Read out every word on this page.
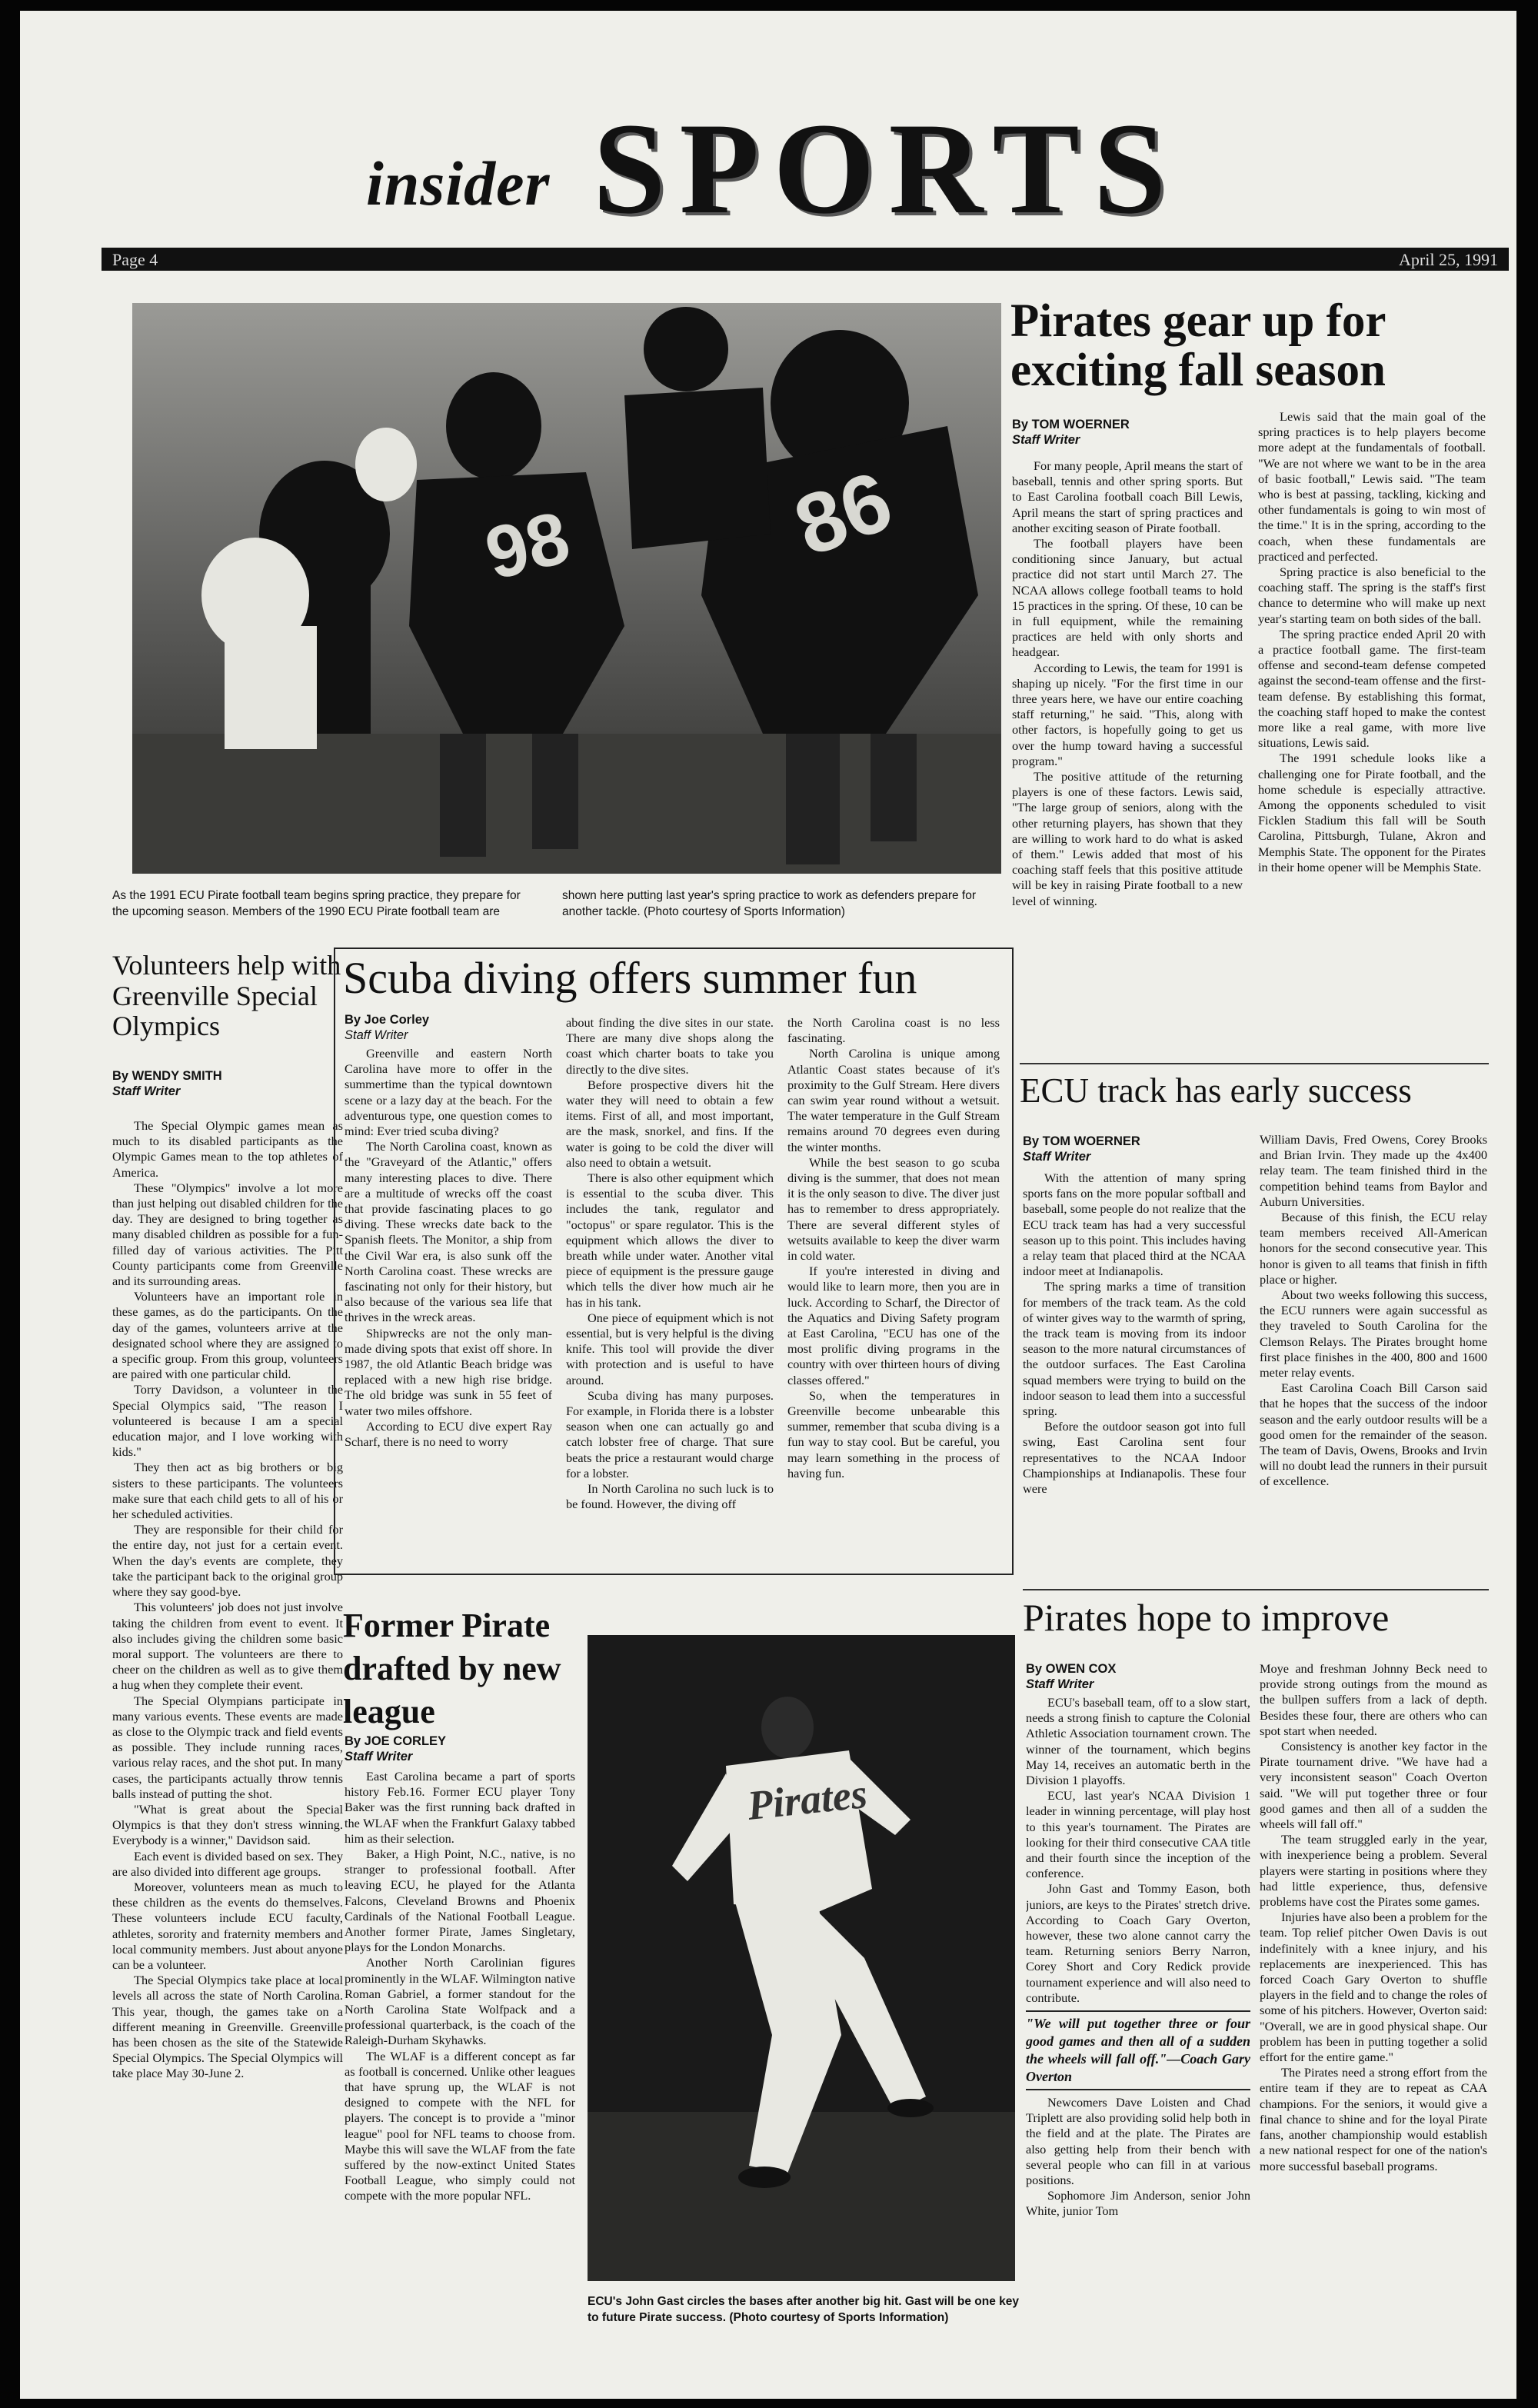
insider SPORTS
Page 4	April 25, 1991
98 86
As the 1991 ECU Pirate football team begins spring practice, they prepare for the upcoming season. Members of the 1990 ECU Pirate football team are
shown here putting last year's spring practice to work as defenders prepare for another tackle. (Photo courtesy of Sports Information)
Pirates gear up for exciting fall season
By TOM WOERNER
Staff Writer

For many people, April means the start of baseball, tennis and other spring sports. But to East Carolina football coach Bill Lewis, April means the start of spring practices and another exciting season of Pirate football.

The football players have been conditioning since January, but actual practice did not start until March 27. The NCAA allows college football teams to hold 15 practices in the spring. Of these, 10 can be in full equipment, while the remaining practices are held with only shorts and headgear.

According to Lewis, the team for 1991 is shaping up nicely. "For the first time in our three years here, we have our entire coaching staff returning," he said. "This, along with other factors, is hopefully going to get us over the hump toward having a successful program."

The positive attitude of the returning players is one of these factors. Lewis said, "The large group of seniors, along with the other returning players, has shown that they are willing to work hard to do what is asked of them." Lewis added that most of his coaching staff feels that this positive attitude will be key in raising Pirate football to a new level of winning.

Lewis said that the main goal of the spring practices is to help players become more adept at the fundamentals of football. "We are not where we want to be in the area of basic football," Lewis said. "The team who is best at passing, tackling, kicking and other fundamentals is going to win most of the time." It is in the spring, according to the coach, when these fundamentals are practiced and perfected.

Spring practice is also beneficial to the coaching staff. The spring is the staff's first chance to determine who will make up next year's starting team on both sides of the ball.

The spring practice ended April 20 with a practice football game. The first-team offense and second-team defense competed against the second-team offense and the first-team defense. By establishing this format, the coaching staff hoped to make the contest more like a real game, with more live situations, Lewis said.

The 1991 schedule looks like a challenging one for Pirate football, and the home schedule is especially attractive. Among the opponents scheduled to visit Ficklen Stadium this fall will be South Carolina, Pittsburgh, Tulane, Akron and Memphis State. The opponent for the Pirates in their home opener will be Memphis State.

Volunteers help with Greenville Special Olympics
By WENDY SMITH
Staff Writer

The Special Olympic games mean as much to its disabled participants as the Olympic Games mean to the top athletes of America.

These "Olympics" involve a lot more than just helping out disabled children for the day. They are designed to bring together as many disabled children as possible for a fun-filled day of various activities. The Pitt County participants come from Greenville and its surrounding areas.

Volunteers have an important role in these games, as do the participants. On the day of the games, volunteers arrive at the designated school where they are assigned to a specific group. From this group, volunteers are paired with one particular child.

Torry Davidson, a volunteer in the Special Olympics said, "The reason I volunteered is because I am a special education major, and I love working with kids."

They then act as big brothers or big sisters to these participants. The volunteers make sure that each child gets to all of his or her scheduled activities.

They are responsible for their child for the entire day, not just for a certain event. When the day's events are complete, they take the participant back to the original group where they say good-bye.

This volunteers' job does not just involve taking the children from event to event. It also includes giving the children some basic moral support. The volunteers are there to cheer on the children as well as to give them a hug when they complete their event.

The Special Olympians participate in many various events. These events are made as close to the Olympic track and field events as possible. They include running races, various relay races, and the shot put. In many cases, the participants actually throw tennis balls instead of putting the shot.

"What is great about the Special Olympics is that they don't stress winning. Everybody is a winner," Davidson said.

Each event is divided based on sex. They are also divided into different age groups.

Moreover, volunteers mean as much to these children as the events do themselves. These volunteers include ECU faculty, athletes, sorority and fraternity members and local community members. Just about anyone can be a volunteer.

The Special Olympics take place at local levels all across the state of North Carolina. This year, though, the games take on a different meaning in Greenville. Greenville has been chosen as the site of the Statewide Special Olympics. The Special Olympics will take place May 30-June 2.

Scuba diving offers summer fun
By Joe Corley
Staff Writer

Greenville and eastern North Carolina have more to offer in the summertime than the typical downtown scene or a lazy day at the beach. For the adventurous type, one question comes to mind: Ever tried scuba diving?

The North Carolina coast, known as the "Graveyard of the Atlantic," offers many interesting places to dive. There are a multitude of wrecks off the coast that provide fascinating places to go diving. These wrecks date back to the Spanish fleets. The Monitor, a ship from the Civil War era, is also sunk off the North Carolina coast. These wrecks are fascinating not only for their history, but also because of the various sea life that thrives in the wreck areas.

Shipwrecks are not the only man-made diving spots that exist off shore. In 1987, the old Atlantic Beach bridge was replaced with a new high rise bridge. The old bridge was sunk in 55 feet of water two miles offshore.

According to ECU dive expert Ray Scharf, there is no need to worry

about finding the dive sites in our state. There are many dive shops along the coast which charter boats to take you directly to the dive sites.

Before prospective divers hit the water they will need to obtain a few items. First of all, and most important, are the mask, snorkel, and fins. If the water is going to be cold the diver will also need to obtain a wetsuit.

There is also other equipment which is essential to the scuba diver. This includes the tank, regulator and "octopus" or spare regulator. This is the equipment which allows the diver to breath while under water. Another vital piece of equipment is the pressure gauge which tells the diver how much air he has in his tank.

One piece of equipment which is not essential, but is very helpful is the diving knife. This tool will provide the diver with protection and is useful to have around.

Scuba diving has many purposes. For example, in Florida there is a lobster season when one can actually go and catch lobster free of charge. That sure beats the price a restaurant would charge for a lobster.

In North Carolina no such luck is to be found. However, the diving off

the North Carolina coast is no less fascinating.

North Carolina is unique among Atlantic Coast states because of it's proximity to the Gulf Stream. Here divers can swim year round without a wetsuit. The water temperature in the Gulf Stream remains around 70 degrees even during the winter months.

While the best season to go scuba diving is the summer, that does not mean it is the only season to dive. The diver just has to remember to dress appropriately. There are several different styles of wetsuits available to keep the diver warm in cold water.

If you're interested in diving and would like to learn more, then you are in luck. According to Scharf, the Director of the Aquatics and Diving Safety program at East Carolina, "ECU has one of the most prolific diving programs in the country with over thirteen hours of diving classes offered."

So, when the temperatures in Greenville become unbearable this summer, remember that scuba diving is a fun way to stay cool. But be careful, you may learn something in the process of having fun.

ECU track has early success
By TOM WOERNER
Staff Writer

With the attention of many spring sports fans on the more popular softball and baseball, some people do not realize that the ECU track team has had a very successful season up to this point. This includes having a relay team that placed third at the NCAA indoor meet at Indianapolis.

The spring marks a time of transition for members of the track team. As the cold of winter gives way to the warmth of spring, the track team is moving from its indoor season to the more natural circumstances of the outdoor surfaces. The East Carolina squad members were trying to build on the indoor season to lead them into a successful spring.

Before the outdoor season got into full swing, East Carolina sent four representatives to the NCAA Indoor Championships at Indianapolis. These four were

William Davis, Fred Owens, Corey Brooks and Brian Irvin. They made up the 4x400 relay team. The team finished third in the competition behind teams from Baylor and Auburn Universities.

Because of this finish, the ECU relay team members received All-American honors for the second consecutive year. This honor is given to all teams that finish in fifth place or higher.

About two weeks following this success, the ECU runners were again successful as they traveled to South Carolina for the Clemson Relays. The Pirates brought home first place finishes in the 400, 800 and 1600 meter relay events.

East Carolina Coach Bill Carson said that he hopes that the success of the indoor season and the early outdoor results will be a good omen for the remainder of the season. The team of Davis, Owens, Brooks and Irvin will no doubt lead the runners in their pursuit of excellence.

Former Pirate drafted by new league
By JOE CORLEY
Staff Writer

East Carolina became a part of sports history Feb.16. Former ECU player Tony Baker was the first running back drafted in the WLAF when the Frankfurt Galaxy tabbed him as their selection.

Baker, a High Point, N.C., native, is no stranger to professional football. After leaving ECU, he played for the Atlanta Falcons, Cleveland Browns and Phoenix Cardinals of the National Football League. Another former Pirate, James Singletary, plays for the London Monarchs.

Another North Carolinian figures prominently in the WLAF. Wilmington native Roman Gabriel, a former standout for the North Carolina State Wolfpack and a professional quarterback, is the coach of the Raleigh-Durham Skyhawks.

The WLAF is a different concept as far as football is concerned. Unlike other leagues that have sprung up, the WLAF is not designed to compete with the NFL for players. The concept is to provide a "minor league" pool for NFL teams to choose from. Maybe this will save the WLAF from the fate suffered by the now-extinct United States Football League, who simply could not compete with the more popular NFL.

Pirates
ECU's John Gast circles the bases after another big hit. Gast will be one key to future Pirate success. (Photo courtesy of Sports Information)
Pirates hope to improve
By OWEN COX
Staff Writer

ECU's baseball team, off to a slow start, needs a strong finish to capture the Colonial Athletic Association tournament crown. The winner of the tournament, which begins May 14, receives an automatic berth in the Division 1 playoffs.

ECU, last year's NCAA Division 1 leader in winning percentage, will play host to this year's tournament. The Pirates are looking for their third consecutive CAA title and their fourth since the inception of the conference.

John Gast and Tommy Eason, both juniors, are keys to the Pirates' stretch drive. According to Coach Gary Overton, however, these two alone cannot carry the team. Returning seniors Berry Narron, Corey Short and Cory Redick provide tournament experience and will also need to contribute.

"We will put together three or four good games and then all of a sudden the wheels will fall off."—Coach Gary Overton

Newcomers Dave Loisten and Chad Triplett are also providing solid help both in the field and at the plate. The Pirates are also getting help from their bench with several people who can fill in at various positions.

Sophomore Jim Anderson, senior John White, junior Tom

Moye and freshman Johnny Beck need to provide strong outings from the mound as the bullpen suffers from a lack of depth. Besides these four, there are others who can spot start when needed.

Consistency is another key factor in the Pirate tournament drive. "We have had a very inconsistent season" Coach Overton said. "We will put together three or four good games and then all of a sudden the wheels will fall off."

The team struggled early in the year, with inexperience being a problem. Several players were starting in positions where they had little experience, thus, defensive problems have cost the Pirates some games.

Injuries have also been a problem for the team. Top relief pitcher Owen Davis is out indefinitely with a knee injury, and his replacements are inexperienced. This has forced Coach Gary Overton to shuffle players in the field and to change the roles of some of his pitchers. However, Overton said: "Overall, we are in good physical shape. Our problem has been in putting together a solid effort for the entire game."

The Pirates need a strong effort from the entire team if they are to repeat as CAA champions. For the seniors, it would give a final chance to shine and for the loyal Pirate fans, another championship would establish a new national respect for one of the nation's more successful baseball programs.
